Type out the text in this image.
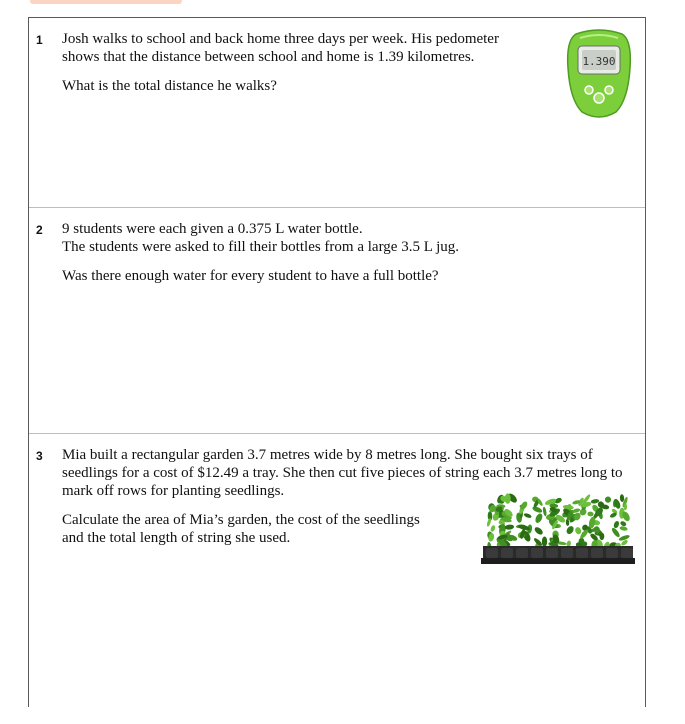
1 Josh walks to school and back home three days per week. His pedometer shows that the distance between school and home is 1.39 kilometres.

What is the total distance he walks?

1.390
2 9 students were each given a 0.375 L water bottle.

The students were asked to fill their bottles from a large 3.5 L jug.

Was there enough water for every student to have a full bottle?

3 Mia built a rectangular garden 3.7 metres wide by 8 metres long. She bought six trays of seedlings for a cost of $12.49 a tray. She then cut five pieces of string each 3.7 metres long to mark off rows for planting seedlings.

Calculate the area of Mia’s garden, the cost of the seedlings and the total length of string she used.
